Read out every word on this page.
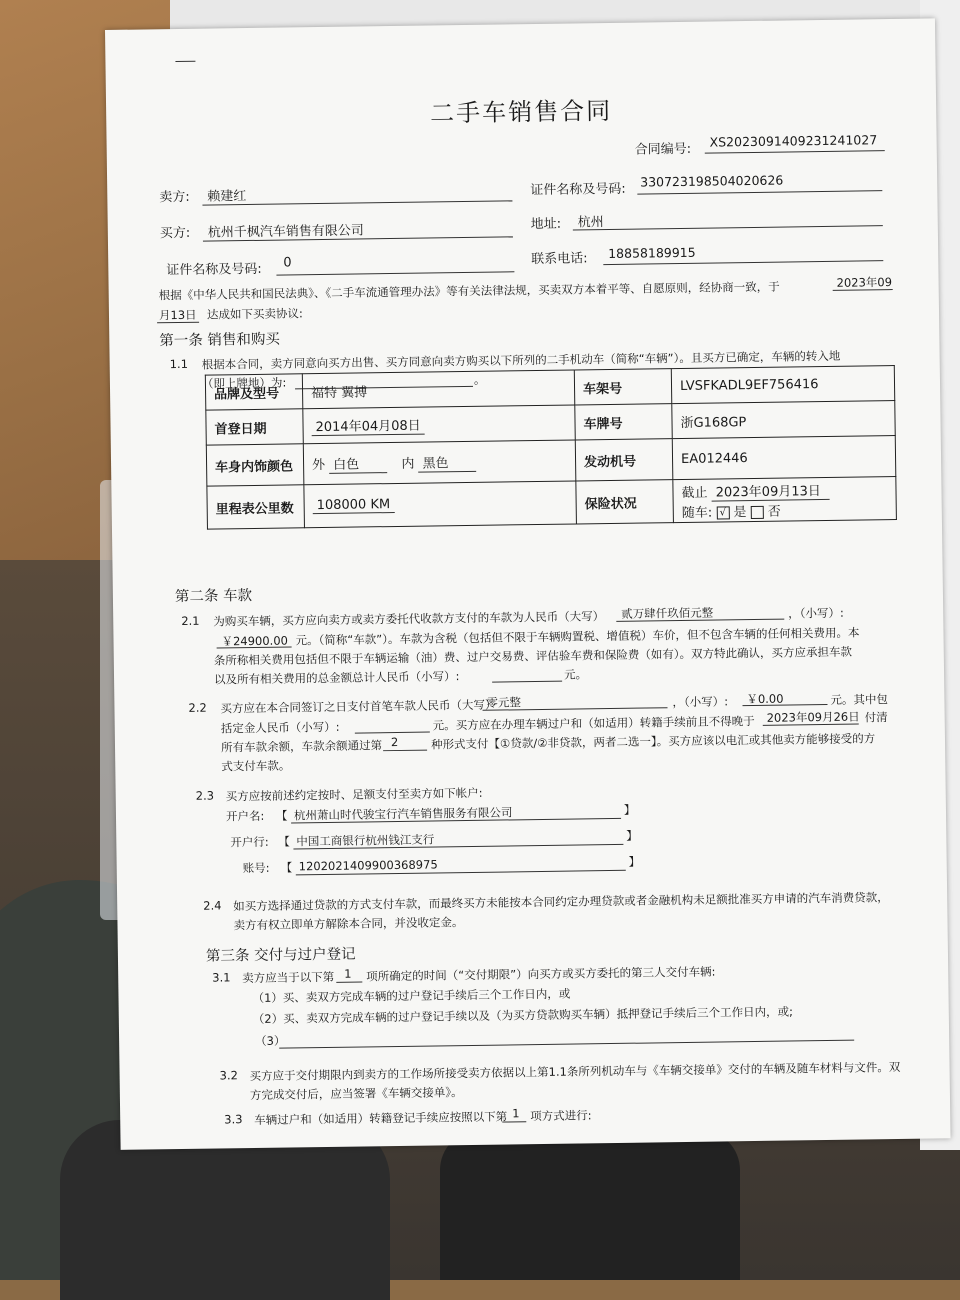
二手车销售合同
合同编号:
XS2023091409231241027
卖方: 赖建红	证件名称及号码:
330723198504020626
买方: 杭州千枫汽车销售有限公司	地址: 杭州
证件名称及号码: 0	联系电话: 18858189915
根据《中华人民共和国民法典》、《二手车流通管理办法》等有关法律法规，买卖双方本着平等、自愿原则，经协商一致，于	2023年09
月13日 达成如下买卖协议:
第一条 销售和购买
1.1 根据本合同，卖方同意向买方出售、买方同意向卖方购买以下所列的二手机动车（简称“车辆”）。且买方已确定，车辆的转入地
（即上牌地）为:	。
品牌及型号	福特 翼搏	车架号	LVSFKADL9EF756416
首登日期	2014年04月08日	车牌号	浙G168GP
车身内饰颜色	外 白色 内 黑色	发动机号	EA012446
里程表公里数	108000 KM	保险状况	截止 2023年09月13日
随车: √ 是 否
第二条 车款
2.1 为购买车辆，买方应向卖方或卖方委托代收款方支付的车款为人民币（大写） 贰万肆仟玖佰元整	，（小写）:
￥24900.00 元。（简称“车款”）。车款为含税（包括但不限于车辆购置税、增值税）车价，但不包含车辆的任何相关费用。本
条所称相关费用包括但不限于车辆运输（油）费、过户交易费、评估验车费和保险费（如有）。双方特此确认，买方应承担车款
以及所有相关费用的总金额总计人民币（小写）:	元。
2.2 买方应在本合同签订之日支付首笔车款人民币（大写）
零元整	，（小写）: ￥0.00	元。其中包
括定金人民币（小写）:	元。买方应在办理车辆过户和（如适用）转籍手续前且不得晚于 2023年09月26日 付清
所有车款余额，车款余额通过第 2	种形式支付【①贷款/②非贷款，两者二选一】。买方应该以电汇或其他卖方能够接受的方
式支付车款。
2.3 买方应按前述约定按时、足额支付至卖方如下帐户:
开户名: 【 杭州萧山时代骏宝行汽车销售服务有限公司	】
开户行: 【 中国工商银行杭州钱江支行	】
账号: 【 1202021409900368975	】
2.4 如买方选择通过贷款的方式支付车款，而最终买方未能按本合同约定办理贷款或者金融机构未足额批准买方申请的汽车消费贷款，
卖方有权立即单方解除本合同，并没收定金。
第三条 交付与过户登记
3.1 卖方应当于以下第 1 项所确定的时间（“交付期限”）向买方或买方委托的第三人交付车辆:
（1）买、卖双方完成车辆的过户登记手续后三个工作日内，或
（2）买、卖双方完成车辆的过户登记手续以及（为买方贷款购买车辆）抵押登记手续后三个工作日内，或;
（3）
3.2 买方应于交付期限内到卖方的工作场所接受卖方依据以上第1.1条所列机动车与《车辆交接单》交付的车辆及随车材料与文件。双
方完成交付后，应当签署《车辆交接单》。
3.3 车辆过户和（如适用）转籍登记手续应按照以下第 1 项方式进行:
